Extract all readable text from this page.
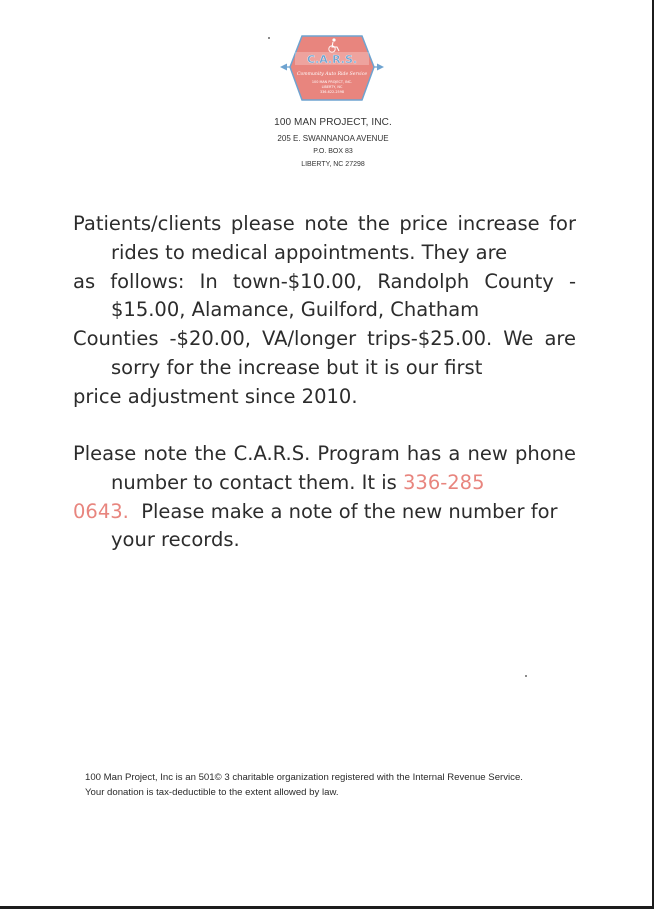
C.A.R.S.
Community Auto Ride Service
100 MAN PROJECT, INC.
LIBERTY, NC
336-622-2598
100 MAN PROJECT, INC.
205 E. SWANNANOA AVENUE
P.O. BOX 83
LIBERTY, NC 27298
Patients/clients please note the price increase for
rides to medical appointments. They are
as follows: In town-$10.00, Randolph County -
$15.00, Alamance, Guilford, Chatham
Counties -$20.00, VA/longer trips-$25.00. We are
sorry for the increase but it is our first
price adjustment since 2010.
Please note the C.A.R.S. Program has a new phone
number to contact them. It is 336-285
0643.  Please make a note of the new number for
your records.
100 Man Project, Inc is an 501© 3 charitable organization registered with the Internal Revenue Service.
Your donation is tax-deductible to the extent allowed by law.
